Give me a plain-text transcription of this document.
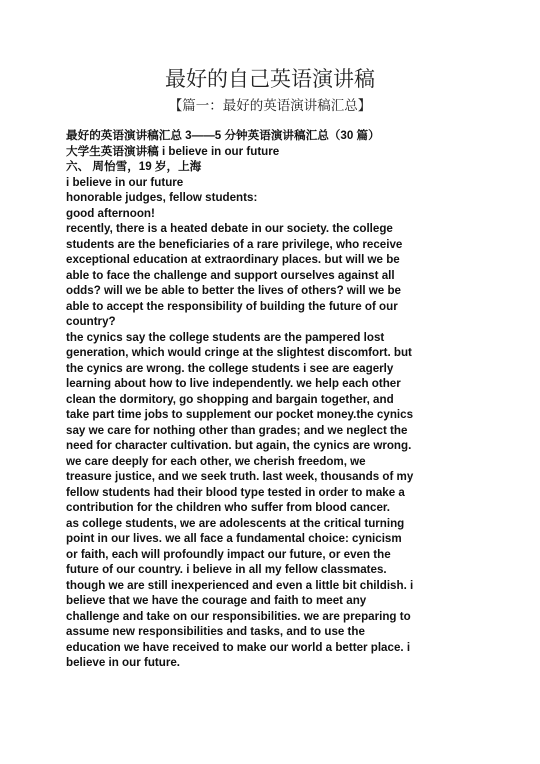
最好的自己英语演讲稿
【篇一：最好的英语演讲稿汇总】
最好的英语演讲稿汇总 3——5 分钟英语演讲稿汇总（30 篇）
大学生英语演讲稿 i believe in our future
六、 周怡雪，19 岁，上海
i believe in our future
honorable judges, fellow students:
good afternoon!
recently, there is a heated debate in our society. the college
students are the beneficiaries of a rare privilege, who receive
exceptional education at extraordinary places. but will we be
able to face the challenge and support ourselves against all
odds? will we be able to better the lives of others? will we be
able to accept the responsibility of building the future of our
country?
the cynics say the college students are the pampered lost
generation, which would cringe at the slightest discomfort. but
the cynics are wrong. the college students i see are eagerly
learning about how to live independently. we help each other
clean the dormitory, go shopping and bargain together, and
take part time jobs to supplement our pocket money.the cynics
say we care for nothing other than grades; and we neglect the
need for character cultivation. but again, the cynics are wrong.
we care deeply for each other, we cherish freedom, we
treasure justice, and we seek truth. last week, thousands of my
fellow students had their blood type tested in order to make a
contribution for the children who suffer from blood cancer.
as college students, we are adolescents at the critical turning
point in our lives. we all face a fundamental choice: cynicism
or faith, each will profoundly impact our future, or even the
future of our country. i believe in all my fellow classmates.
though we are still inexperienced and even a little bit childish. i
believe that we have the courage and faith to meet any
challenge and take on our responsibilities. we are preparing to
assume new responsibilities and tasks, and to use the
education we have received to make our world a better place. i
believe in our future.
